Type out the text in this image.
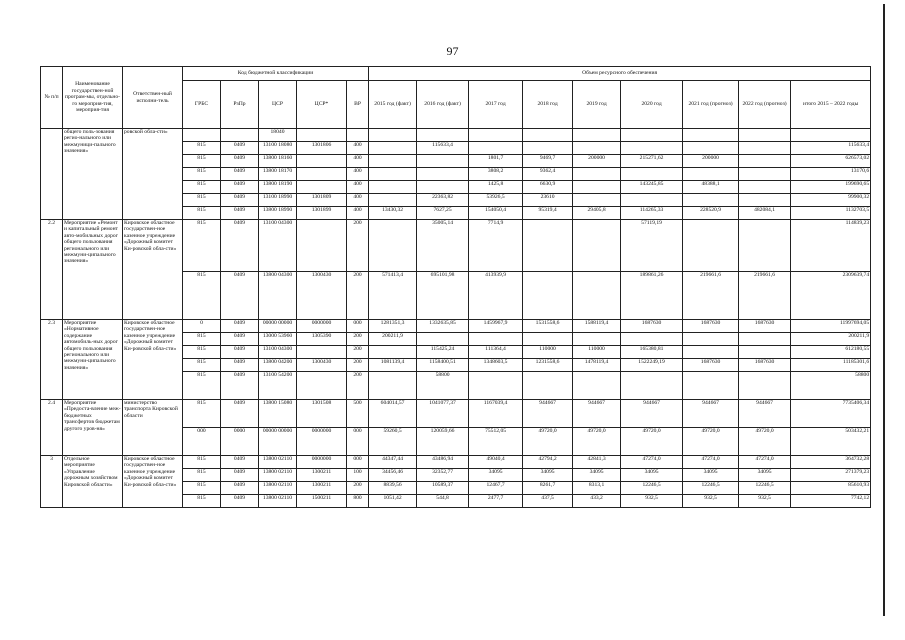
97
№ п/п	Наименование государствен-ной програм-мы, отдельно-го мероприя-тия, мероприя-тия	Ответствен-ный исполни-тель	Код бюджетной классификации					Объем ресурсного обеспечения								
			ГРБС	РзПр	ЦСР	ЦСР*	ВР	2015 год (факт)	2016 год (факт)	2017 год	2018 год	2019 год	2020 год	2021 год (прогноз)	2022 год (прогноз)	итого 2015 – 2022 годы
	общего поль-зования регио-нального или межмуници-пального значения»	ровской обла-сти»			18040											
			815	0409	13100 18080	1301806	400		115633,4							115633,4
			815	0409	13800 18160		400			1801,7	9469,7	200000	215271,62	200000		626573,02
			815	0409	13800 18170		400			3808,2	9362,4					13170,6
			815	0409	13800 18190		400			1425,8	6630,9		143245,85	48388,1		199690,65
			815	0409	13100 18990	1301809	400		22363,82	53926,5	23610					99900,32
			815	0409	13800 18990	1301899	400	13430,32	7627,25	154050,4	95319,4	29405,8	114265,33	228520,9	482084,1	1132703,5
2.2	Мероприятие «Ремонт и капитальный ремонт авто-мобильных дорог общего пользования регионального или межмуни-ципального значения»	Кировское областное государствен-ное казенное учреждение «Дорожный комитет Ки-ровской обла-сти»	815	0409	13100 04300		200		35005,14	7714,9			57119,19			114839,23
			815	0409	13800 04300	1300430	200	571413,4	695101,98	413939,9			189861,26	219661,6	219661,6	2309639,74
2.3	Мероприятие «Нормативное содержание автомобиль-ных дорог общего пользования регионального или межмуни-ципального значения»	Кировское областное государствен-ное казенное учреждение «Дорожный комитет Ки-ровской обла-сти»	0	0409	00000 00000	0000000	000	1281351,3	1332635,85	1459967,9	1531558,6	1588119,4	1687630	1687630	1687630	11997694,05
			815	0409	13000 53960	1305390	200	200211,9								200211,9
			815	0409	13100 04300		200		115425,24	111364,4	110000	110000	165380,81			612180,55
			815	0409	13800 04200	1300430	200	1081139,4	1158400,51	1348603,5	1231558,6	1478119,4	1522249,19	1687630	1687630	11185301,6
			815	0409	13100 54200		200		58800							58800
2.4	Мероприятие «Предоста-вление меж-бюджетных трансфертов бюджетам другого уров-ня»	министерство транспорта Кировской области	815	0409	13800 15080	1301508	500	604014,57	1041077,37	1167039,4	944667	944667	944667	944667	944667	7735406,34
			000	0000	00000 00000	0000000	000	59260,5	120059,66	75512,05	49720,0	49720,0	49720,0	49720,0	49720,0	503432,21
3	Отдельное мероприятие «Управление дорожным хозяйством Кировской области»	Кировское областное государствен-ное казенное учреждение «Дорожный комитет Ки-ровской обла-сти»	815	0409	13800 02110	0000000	000	44347,44	43486,94	49040,4	42794,2	42841,3	47274,0	47274,0	47274,0	364732,28
			815	0409	13800 02110	1300211	100	34456,46	32352,77	34095	34095	34095	34095	34095	34095	271379,23
			815	0409	13800 02110	1300211	200	8839,56	10589,37	12467,7	8261,7	8313,1	12246,5	12246,5	12246,5	85610,93
			815	0409	13800 02110	1500211	800	1051,42	544,8	2477,7	437,5	433,2	932,5	932,5	932,5	7742,12
